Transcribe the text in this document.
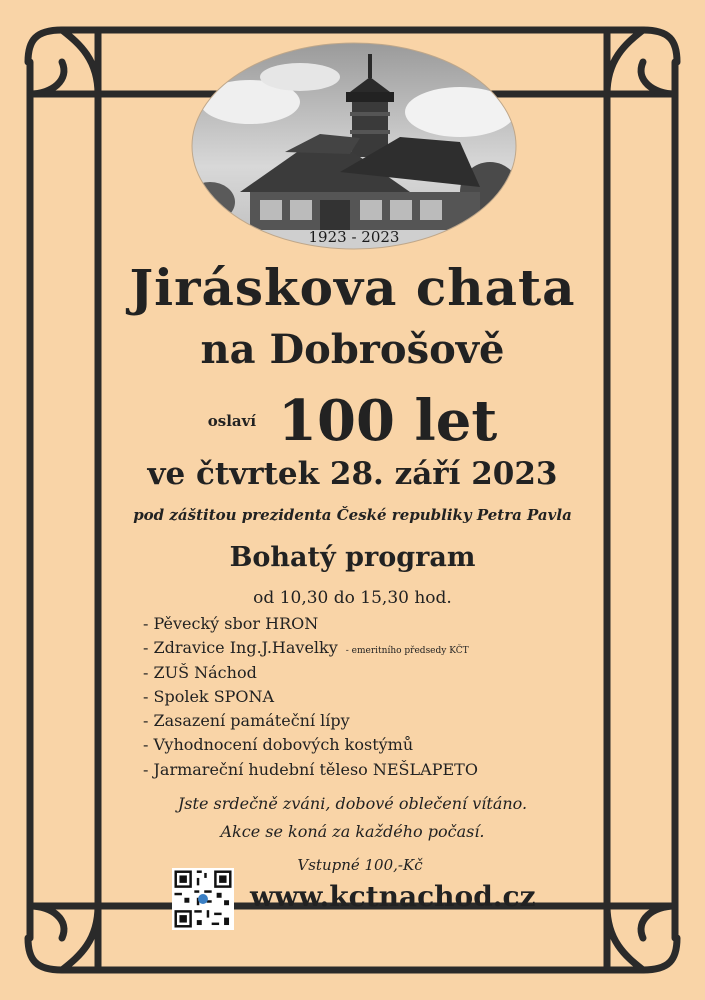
1923 - 2023
Jiráskova chata
na Dobrošově
oslaví 100 let
ve čtvrtek 28. září 2023
pod záštitou prezidenta České republiky Petra Pavla
Bohatý program
od 10,30 do 15,30 hod.
- Pěvecký sbor HRON
- Zdravice Ing.J.Havelky - emeritního předsedy KČT
- ZUŠ Náchod
- Spolek SPONA
- Zasazení památeční lípy
- Vyhodnocení dobových kostýmů
- Jarmareční hudební těleso NEŠLAPETO
Jste srdečně zváni, dobové oblečení vítáno.
Akce se koná za každého počasí.
Vstupné 100,-Kč
www.kctnachod.cz
